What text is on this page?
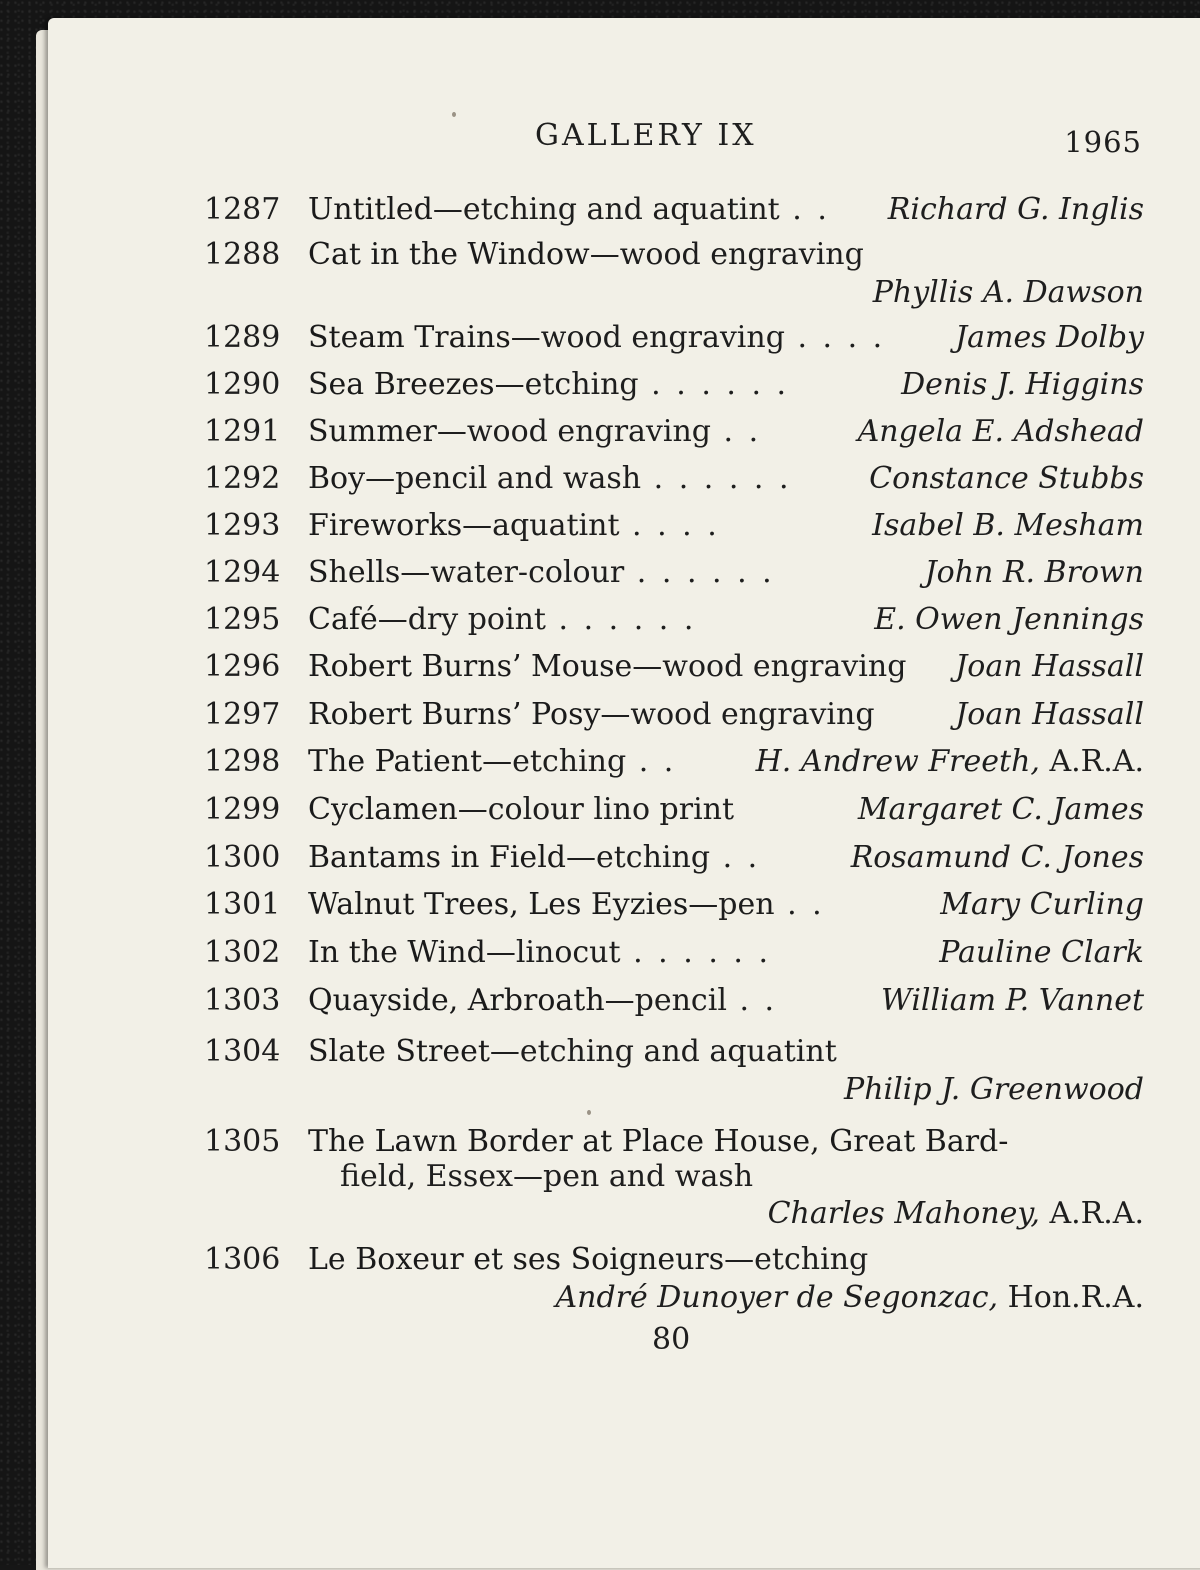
GALLERY IX	1965
1287 Untitled—etching and aquatint . . Richard G. Inglis
1288 Cat in the Window—wood engraving
Phyllis A. Dawson
1289 Steam Trains—wood engraving . . . . James Dolby
1290 Sea Breezes—etching . . . . . .	Denis J. Higgins
1291 Summer—wood engraving . .	Angela E. Adshead
1292 Boy—pencil and wash . . . . . .	Constance Stubbs
1293 Fireworks—aquatint . . . .	Isabel B. Mesham
1294 Shells—water-colour . . . . . .	John R. Brown
1295 Café—dry point . . . . . .	E. Owen Jennings
1296 Robert Burns’ Mouse—wood engraving Joan Hassall
1297 Robert Burns’ Posy—wood engraving	Joan Hassall
1298 The Patient—etching . .	H. Andrew Freeth, A.R.A.
1299 Cyclamen—colour lino print	Margaret C. James
1300 Bantams in Field—etching . .	Rosamund C. Jones
1301 Walnut Trees, Les Eyzies—pen . .	Mary Curling
1302 In the Wind—linocut . . . . . .	Pauline Clark
1303 Quayside, Arbroath—pencil . .	William P. Vannet
1304 Slate Street—etching and aquatint
Philip J. Greenwood
1305 The Lawn Border at Place House, Great Bard-
field, Essex—pen and wash
Charles Mahoney, A.R.A.
1306 Le Boxeur et ses Soigneurs—etching
André Dunoyer de Segonzac, Hon.R.A.
80
